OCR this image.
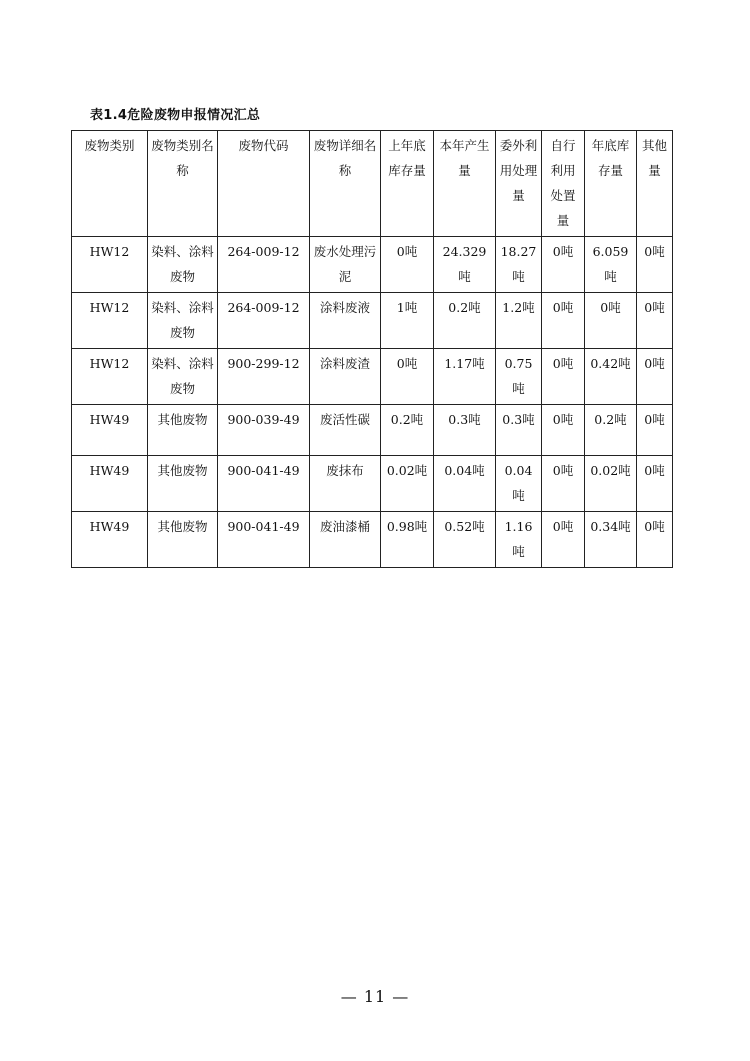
表1.4危险废物申报情况汇总
废物类别	废物类别名称	废物代码	废物详细名称	上年底库存量	本年产生量	委外利用处理量	自行利用处置量	年底库存量	其他量
HW12	染料、涂料废物	264-009-12	废水处理污泥	0吨	24.329吨	18.27吨	0吨	6.059吨	0吨
HW12	染料、涂料废物	264-009-12	涂料废液	1吨	0.2吨	1.2吨	0吨	0吨	0吨
HW12	染料、涂料废物	900-299-12	涂料废渣	0吨	1.17吨	0.75吨	0吨	0.42吨	0吨
HW49	其他废物	900-039-49	废活性碳	0.2吨	0.3吨	0.3吨	0吨	0.2吨	0吨
HW49	其他废物	900-041-49	废抹布	0.02吨	0.04吨	0.04吨	0吨	0.02吨	0吨
HW49	其他废物	900-041-49	废油漆桶	0.98吨	0.52吨	1.16吨	0吨	0.34吨	0吨
— 11 —
